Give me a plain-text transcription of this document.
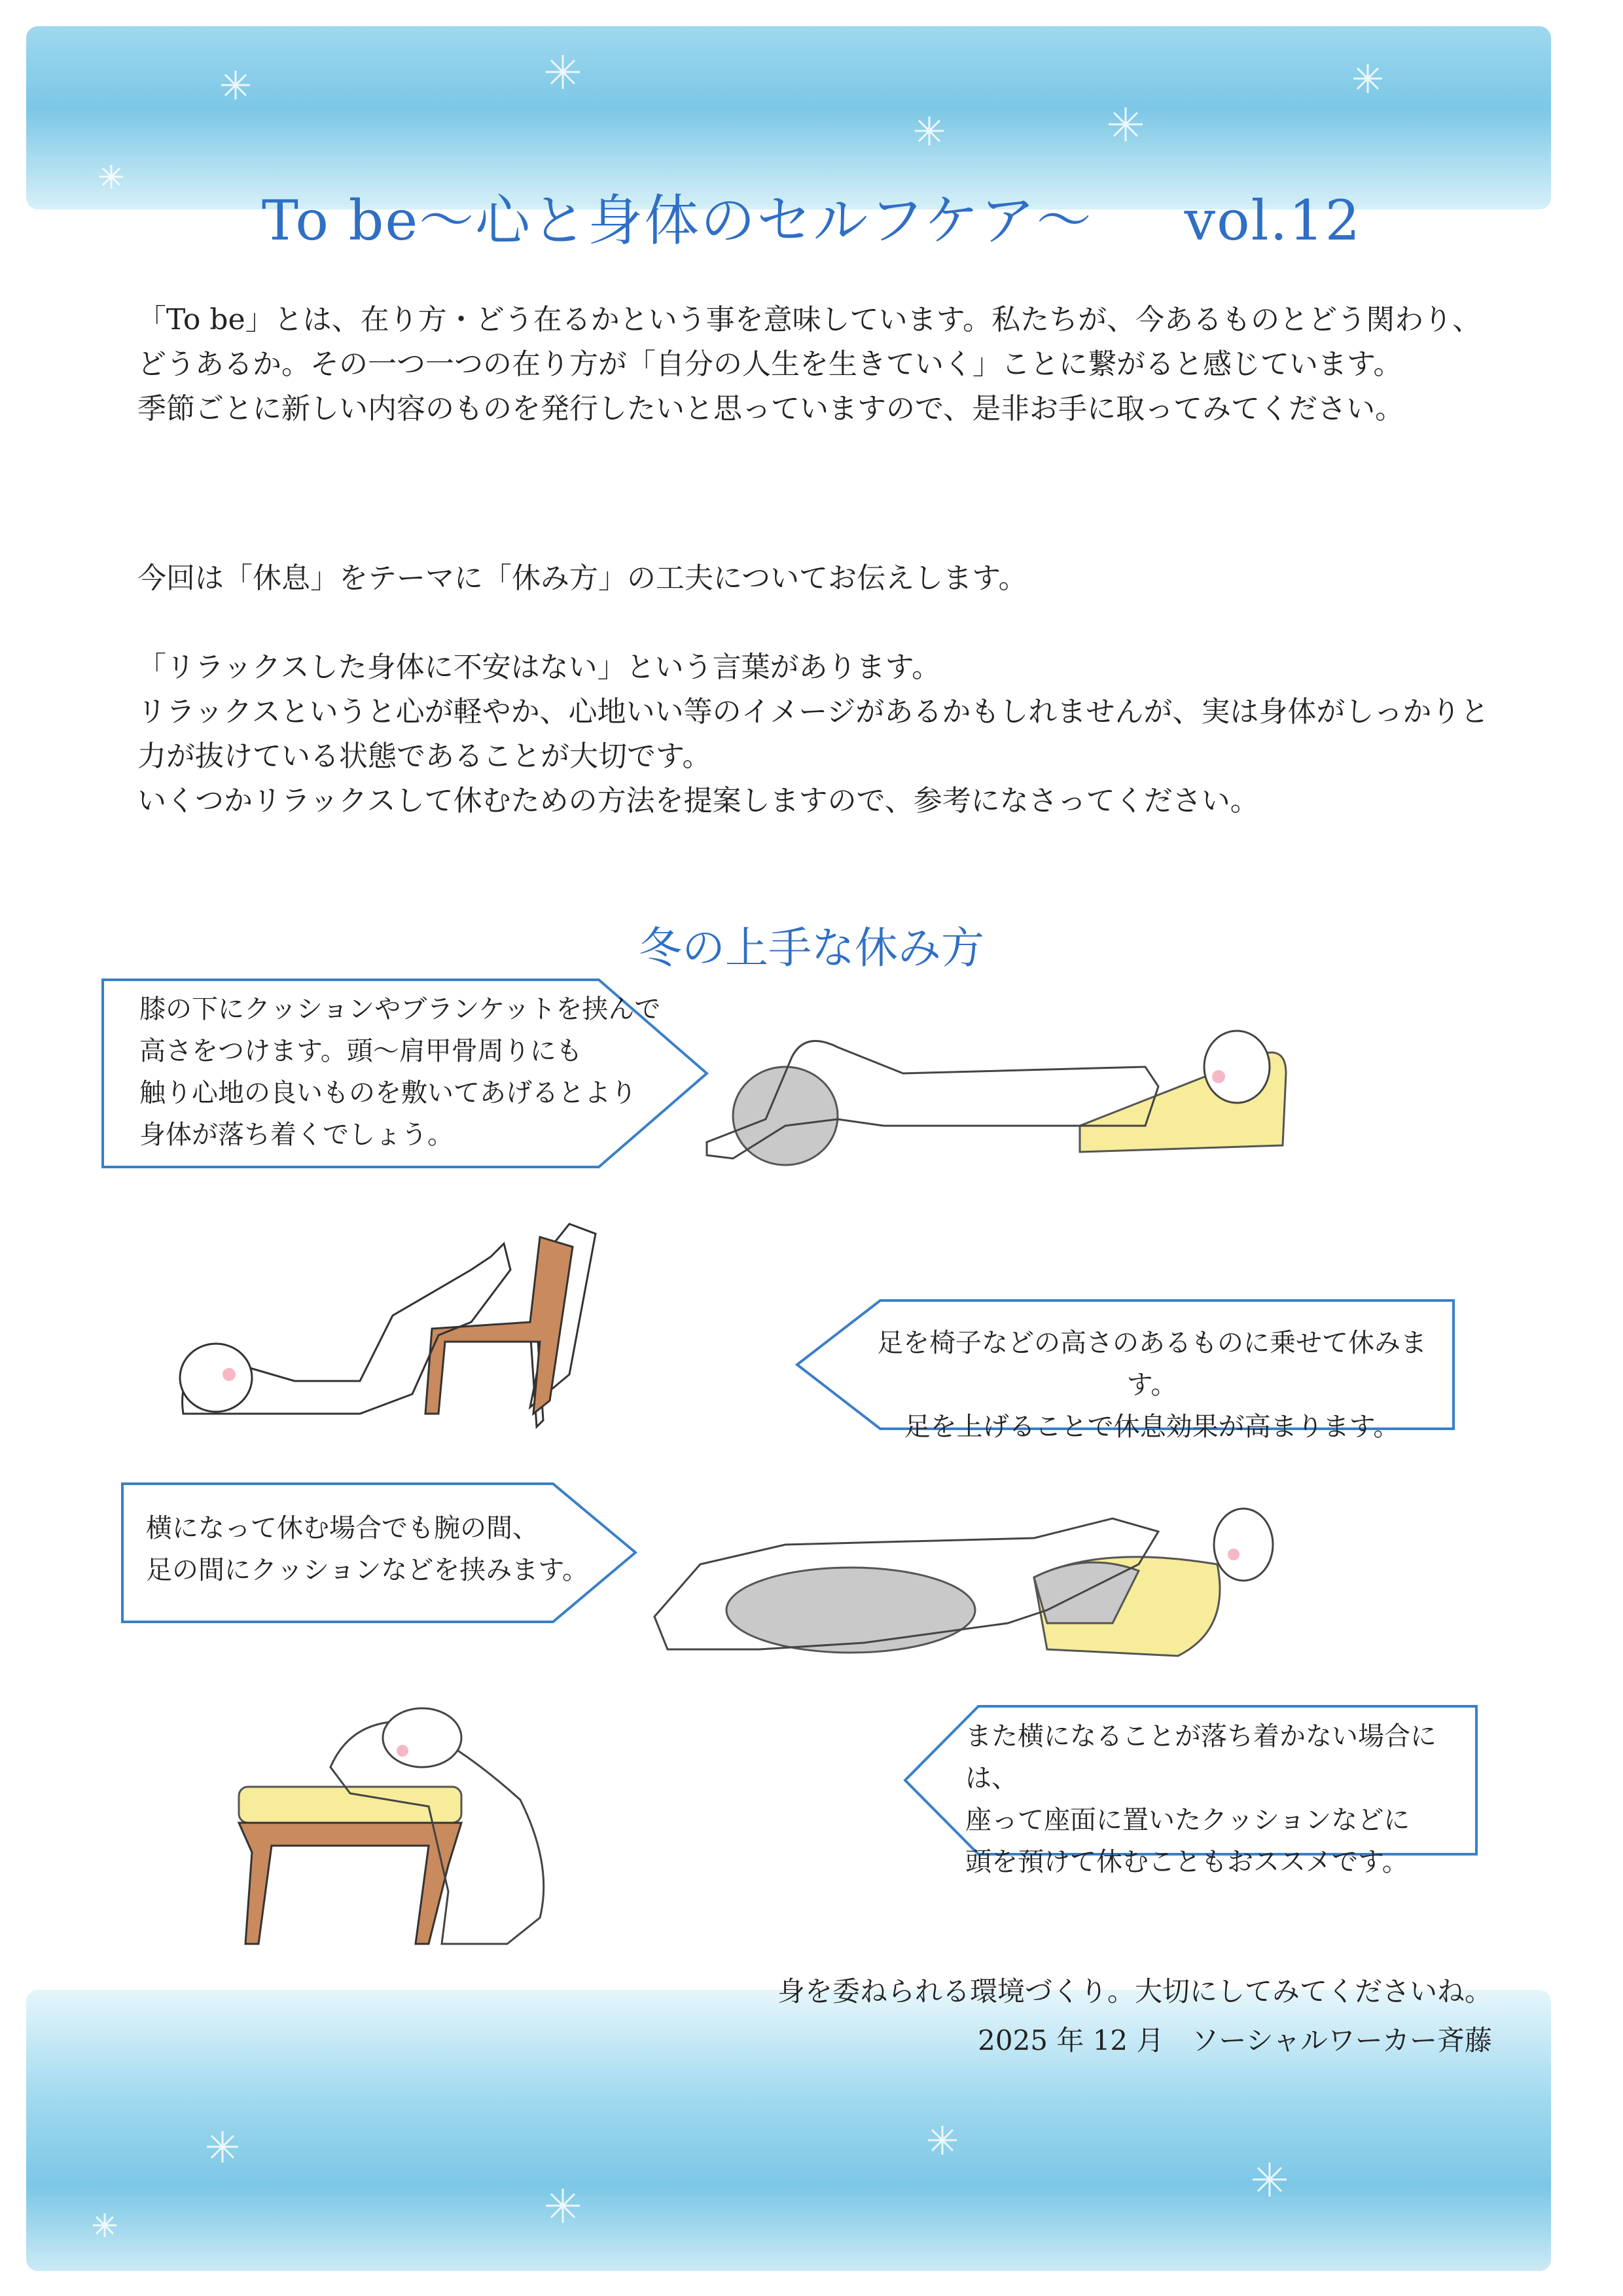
To be～心と身体のセルフケア～ vol.12

「To be」とは、在り方・どう在るかという事を意味しています。私たちが、今あるものとどう関わり、どうあるか。その一つ一つの在り方が「自分の人生を生きていく」ことに繋がると感じています。

季節ごとに新しい内容のものを発行したいと思っていますので、是非お手に取ってみてください。

今回は「休息」をテーマに「休み方」の工夫についてお伝えします。

「リラックスした身体に不安はない」という言葉があります。

リラックスというと心が軽やか、心地いい等のイメージがあるかもしれませんが、実は身体がしっかりと力が抜けている状態であることが大切です。

いくつかリラックスして休むための方法を提案しますので、参考になさってください。

冬の上手な休み方
膝の下にクッションやブランケットを挟んで
高さをつけます。頭～肩甲骨周りにも
触り心地の良いものを敷いてあげるとより
身体が落ち着くでしょう。
足を椅子などの高さのあるものに乗せて休みます。
足を上げることで休息効果が高まります。
横になって休む場合でも腕の間、
足の間にクッションなどを挟みます。
また横になることが落ち着かない場合には、
座って座面に置いたクッションなどに
頭を預けて休むこともおススメです。
身を委ねられる環境づくり。大切にしてみてくださいね。
2025 年 12 月　ソーシャルワーカー斉藤
